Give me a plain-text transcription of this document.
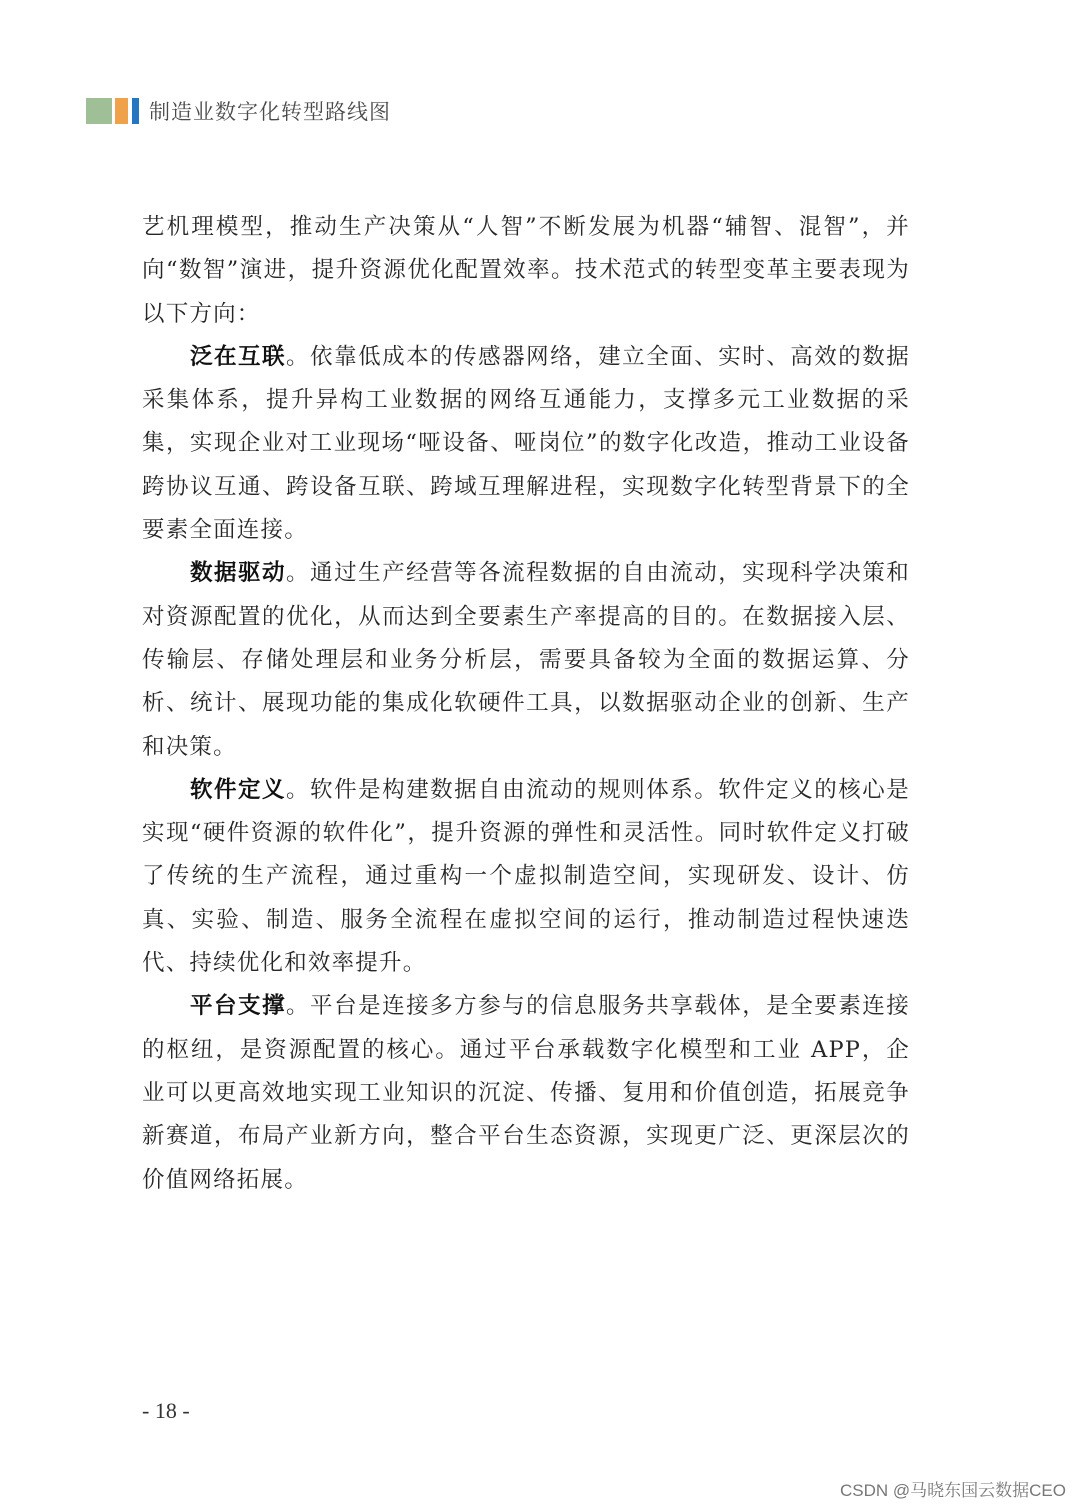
制造业数字化转型路线图

艺机理模型，推动生产决策从“人智”不断发展为机器“辅智、混智”，并向“数智”演进，提升资源优化配置效率。技术范式的转型变革主要表现为以下方向：

泛在互联。依靠低成本的传感器网络，建立全面、实时、高效的数据采集体系，提升异构工业数据的网络互通能力，支撑多元工业数据的采集，实现企业对工业现场“哑设备、哑岗位”的数字化改造，推动工业设备跨协议互通、跨设备互联、跨域互理解进程，实现数字化转型背景下的全要素全面连接。

数据驱动。通过生产经营等各流程数据的自由流动，实现科学决策和对资源配置的优化，从而达到全要素生产率提高的目的。在数据接入层、传输层、存储处理层和业务分析层，需要具备较为全面的数据运算、分析、统计、展现功能的集成化软硬件工具，以数据驱动企业的创新、生产和决策。

软件定义。软件是构建数据自由流动的规则体系。软件定义的核心是实现“硬件资源的软件化”，提升资源的弹性和灵活性。同时软件定义打破了传统的生产流程，通过重构一个虚拟制造空间，实现研发、设计、仿真、实验、制造、服务全流程在虚拟空间的运行，推动制造过程快速迭代、持续优化和效率提升。

平台支撑。平台是连接多方参与的信息服务共享载体，是全要素连接的枢纽，是资源配置的核心。通过平台承载数字化模型和工业 APP，企业可以更高效地实现工业知识的沉淀、传播、复用和价值创造，拓展竞争新赛道，布局产业新方向，整合平台生态资源，实现更广泛、更深层次的价值网络拓展。

- 18 -
CSDN @马晓东国云数据CEO
